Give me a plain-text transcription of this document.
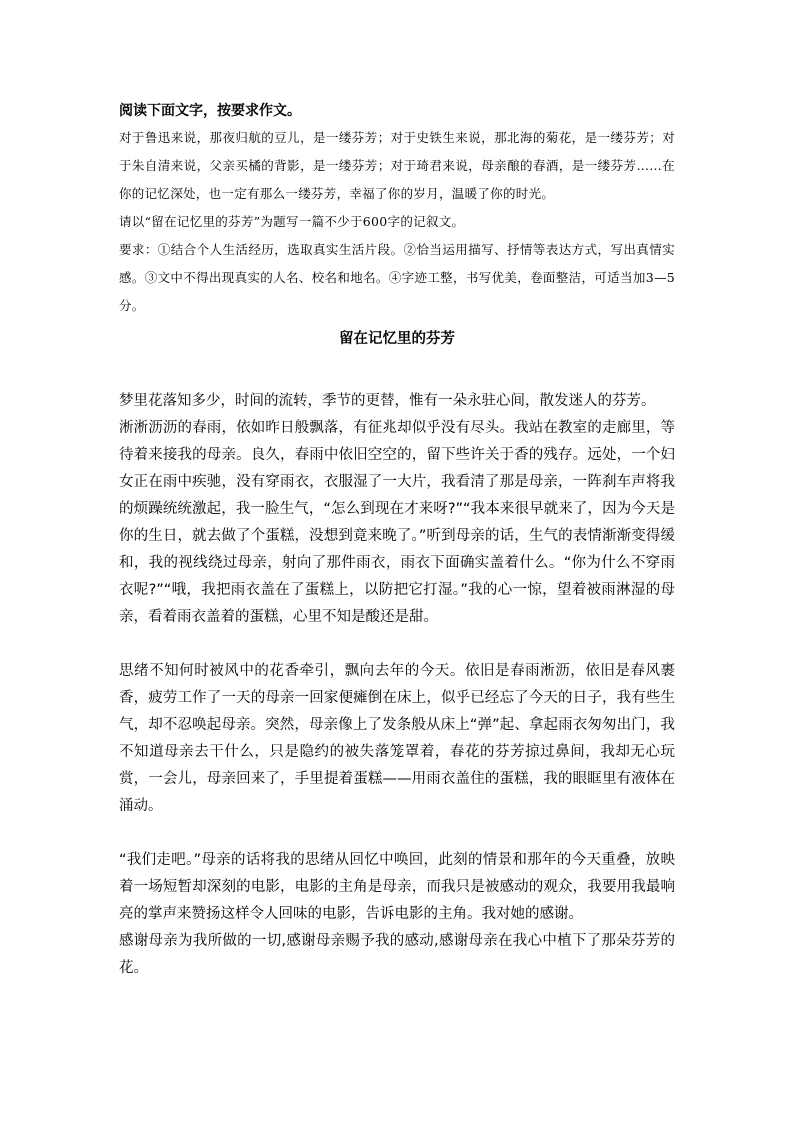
阅读下面文字，按要求作文。

对于鲁迅来说，那夜归航的豆儿，是一缕芬芳；对于史铁生来说，那北海的菊花，是一缕芬芳；对于朱自清来说，父亲买橘的背影，是一缕芬芳；对于琦君来说，母亲酿的春酒，是一缕芬芳……在你的记忆深处，也一定有那么一缕芬芳，幸福了你的岁月，温暖了你的时光。

请以“留在记忆里的芬芳”为题写一篇不少于600字的记叙文。

要求：①结合个人生活经历，选取真实生活片段。②恰当运用描写、抒情等表达方式，写出真情实感。③文中不得出现真实的人名、校名和地名。④字迹工整，书写优美，卷面整洁，可适当加3—5分。

留在记忆里的芬芳

梦里花落知多少，时间的流转，季节的更替，惟有一朵永驻心间，散发迷人的芬芳。

淅淅沥沥的春雨，依如昨日般飘落，有征兆却似乎没有尽头。我站在教室的走廊里，等待着来接我的母亲。良久，春雨中依旧空空的，留下些许关于香的残存。远处，一个妇女正在雨中疾驰，没有穿雨衣，衣服湿了一大片，我看清了那是母亲，一阵刹车声将我的烦躁统统激起，我一脸生气，“怎么到现在才来呀?”“我本来很早就来了，因为今天是你的生日，就去做了个蛋糕，没想到竟来晚了。”听到母亲的话，生气的表情渐渐变得缓和，我的视线绕过母亲，射向了那件雨衣，雨衣下面确实盖着什么。“你为什么不穿雨衣呢?”“哦，我把雨衣盖在了蛋糕上，以防把它打湿。”我的心一惊，望着被雨淋湿的母亲，看着雨衣盖着的蛋糕，心里不知是酸还是甜。

思绪不知何时被风中的花香牵引，飘向去年的今天。依旧是春雨淅沥，依旧是春风裹香，疲劳工作了一天的母亲一回家便瘫倒在床上，似乎已经忘了今天的日子，我有些生气，却不忍唤起母亲。突然，母亲像上了发条般从床上“弹”起、拿起雨衣匆匆出门，我不知道母亲去干什么，只是隐约的被失落笼罩着，春花的芬芳掠过鼻间，我却无心玩赏，一会儿，母亲回来了，手里提着蛋糕——用雨衣盖住的蛋糕，我的眼眶里有液体在涌动。

“我们走吧。”母亲的话将我的思绪从回忆中唤回，此刻的情景和那年的今天重叠，放映着一场短暂却深刻的电影，电影的主角是母亲，而我只是被感动的观众，我要用我最响亮的掌声来赞扬这样令人回味的电影，告诉电影的主角。我对她的感谢。

感谢母亲为我所做的一切,感谢母亲赐予我的感动,感谢母亲在我心中植下了那朵芬芳的花。
